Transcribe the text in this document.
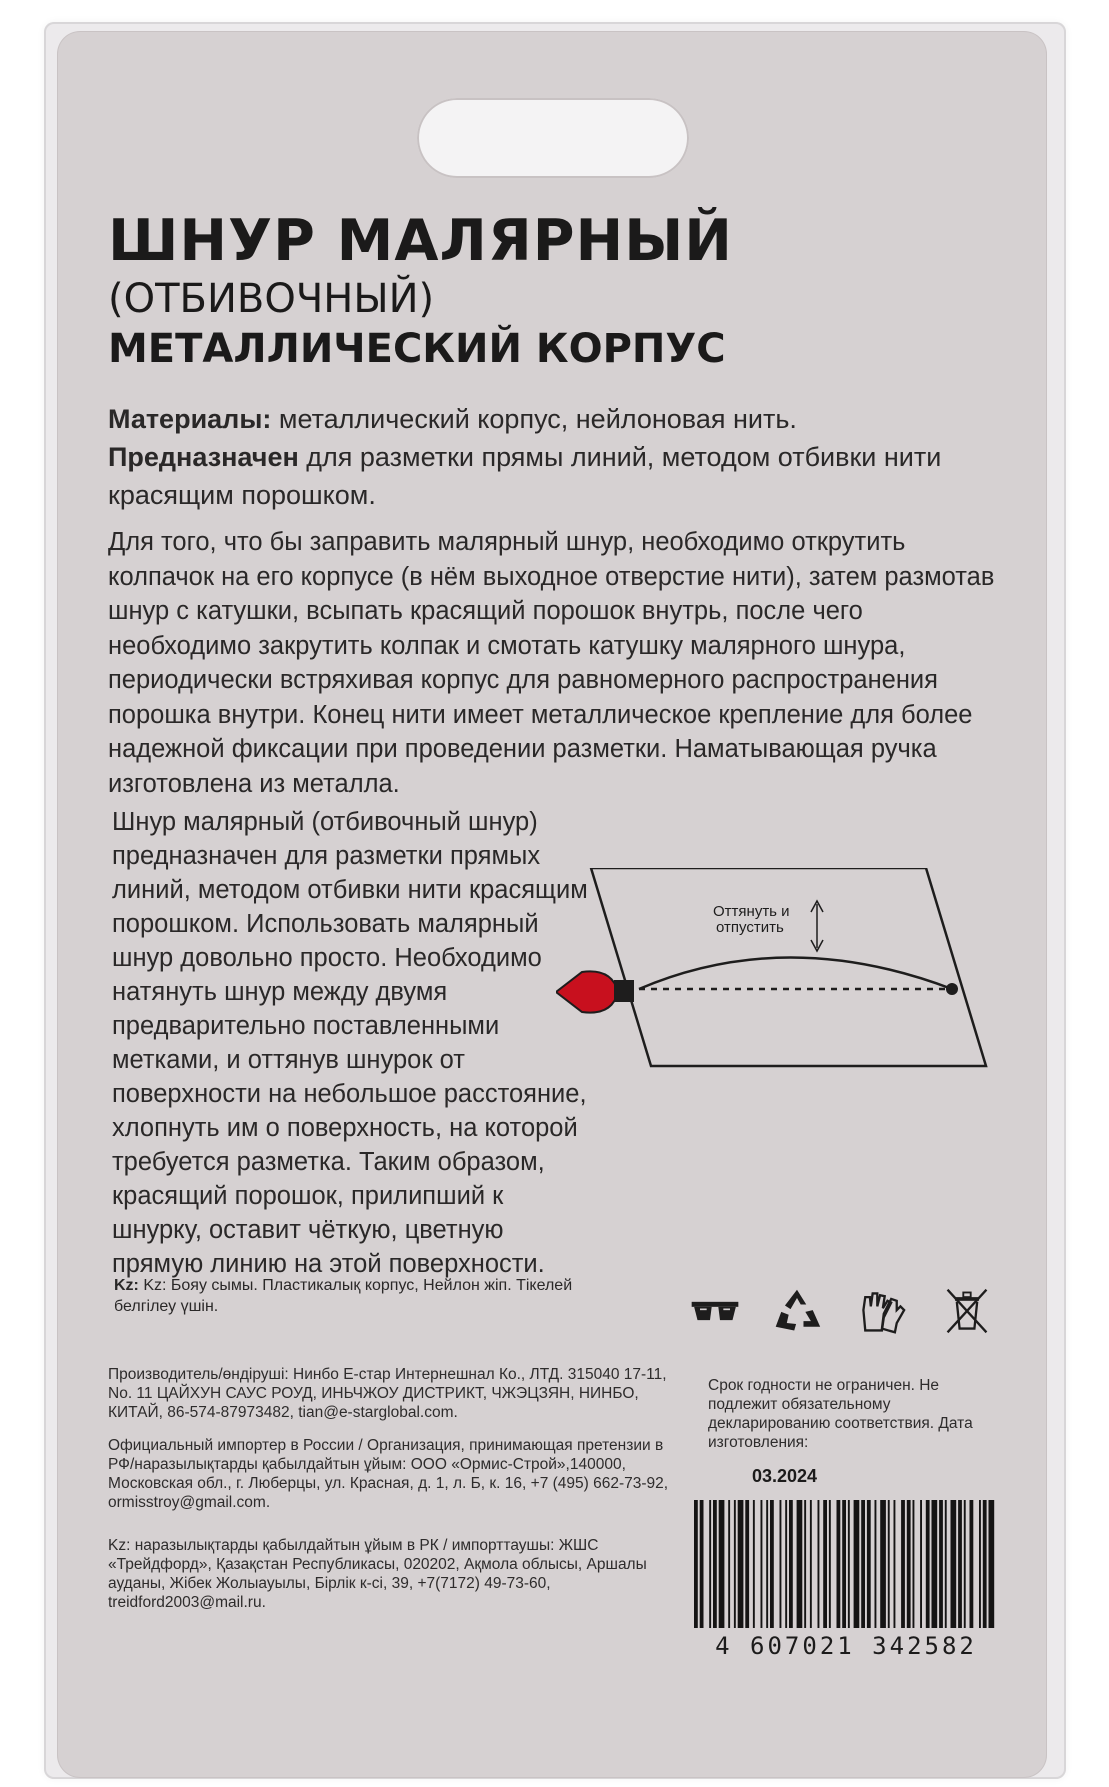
ШНУР МАЛЯРНЫЙ
(ОТБИВОЧНЫЙ)
МЕТАЛЛИЧЕСКИЙ КОРПУС

Материалы: металлический корпус, нейлоновая нить.
Предназначен для разметки прямы линий, методом отбивки нити красящим порошком.

Для того, что бы заправить малярный шнур, необходимо открутить колпачок на его корпусе (в нём выходное отверстие нити), затем размотав шнур с катушки, всыпать красящий порошок внутрь, после чего необходимо закрутить колпак и смотать катушку малярного шнура, периодически встряхивая корпус для равномерного распространения порошка внутри. Конец нити имеет металлическое крепление для более надежной фиксации при проведении разметки. Наматывающая ручка изготовлена из металла.

Шнур малярный (отбивочный шнур) предназначен для разметки прямых линий, методом отбивки нити красящим порошком. Использовать малярный шнур довольно просто. Необходимо натянуть шнур между двумя предварительно поставленными метками, и оттянув шнурок от поверхности на небольшое расстояние, хлопнуть им о поверхность, на которой требуется разметка. Таким образом, красящий порошок, прилипший к шнурку, оставит чёткую, цветную прямую линию на этой поверхности.

Оттянуть и
отпустить

Kz: Kz: Бояу сымы. Пластикалық корпус, Нейлон жіп. Тікелей белгілеу үшін.

Производитель/өндіруші: Нинбо Е-стар Интернешнал Ко., ЛТД. 315040 17-11, No. 11 ЦАЙХУН САУС РОУД, ИНЬЧЖОУ ДИСТРИКТ, ЧЖЭЦЗЯН, НИНБО, КИТАЙ, 86-574-87973482, tian@e-starglobal.com.

Официальный импортер в России / Организация, принимающая претензии в РФ/наразылықтарды қабылдайтын ұйым: ООО «Ормис-Строй»,140000, Московская обл., г. Люберцы, ул. Красная, д. 1, л. Б, к. 16, +7 (495) 662-73-92, ormisstroy@gmail.com.

Kz: наразылықтарды қабылдайтын ұйым в РК / импорттаушы: ЖШС «Трейдфорд», Қазақстан Республикасы, 020202, Ақмола облысы, Аршалы ауданы, Жібек Жолыауылы, Бірлік к-сі, 39, +7(7172) 49-73-60, treidford2003@mail.ru.

Срок годности не ограничен. Не подлежит обязательному декларированию соответствия. Дата изготовления:

03.2024
4 607021 342582
